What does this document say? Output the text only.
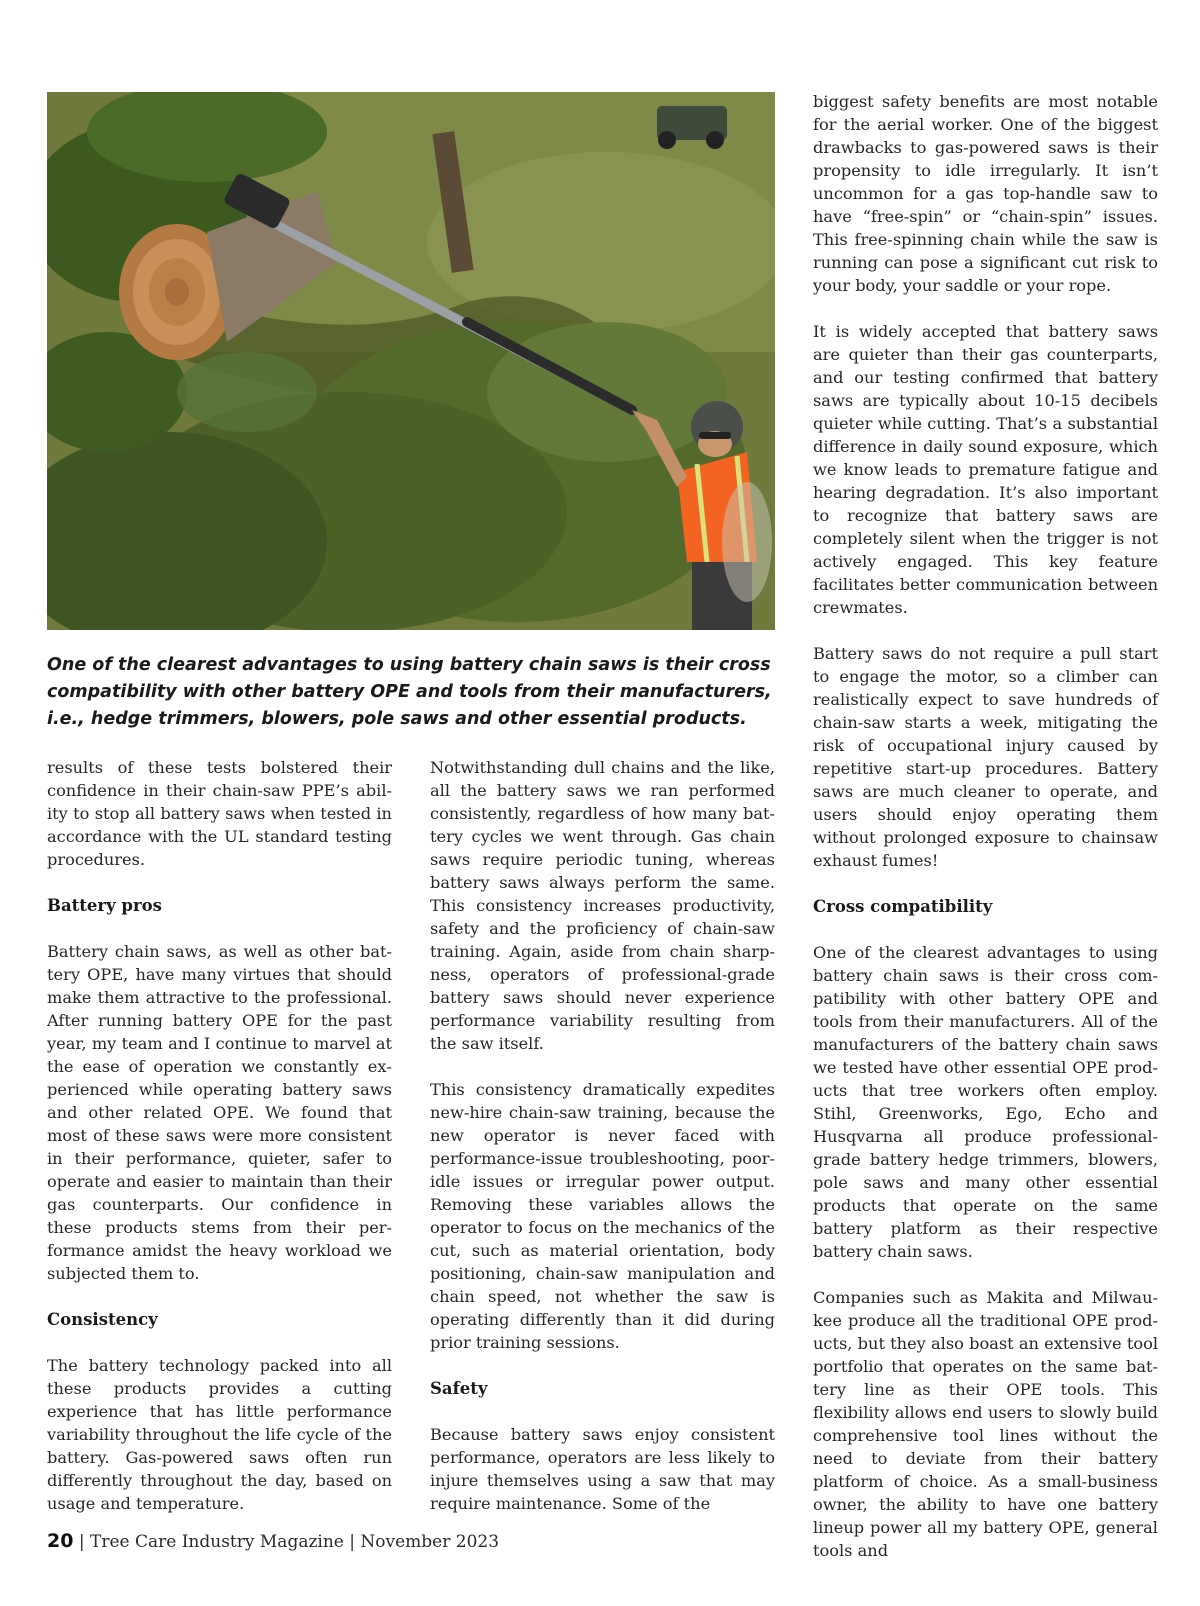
One of the clearest advantages to using battery chain saws is their cross compatibility with other battery OPE and tools from their manufacturers, i.e., hedge trimmers, blowers, pole saws and other essential products.

results of these tests bolstered their confidence in their chain-saw PPE’s ability to stop all battery saws when tested in accordance with the UL standard testing procedures.

Battery pros

Battery chain saws, as well as other battery OPE, have many virtues that should make them attractive to the professional. After running battery OPE for the past year, my team and I continue to marvel at the ease of operation we constantly experienced while operating battery saws and other related OPE. We found that most of these saws were more consistent in their performance, quieter, safer to operate and easier to maintain than their gas counterparts. Our confidence in these products stems from their performance amidst the heavy workload we subjected them to.

Consistency

The battery technology packed into all these products provides a cutting experience that has little performance variability throughout the life cycle of the battery. Gas-powered saws often run differently throughout the day, based on usage and temperature.

Notwithstanding dull chains and the like, all the battery saws we ran performed consistently, regardless of how many battery cycles we went through. Gas chain saws require periodic tuning, whereas battery saws always perform the same. This consistency increases productivity, safety and the proficiency of chain-saw training. Again, aside from chain sharpness, operators of professional-grade battery saws should never experience performance variability resulting from the saw itself.

This consistency dramatically expedites new-hire chain-saw training, because the new operator is never faced with performance-issue troubleshooting, poor-idle issues or irregular power output. Removing these variables allows the operator to focus on the mechanics of the cut, such as material orientation, body positioning, chain-saw manipulation and chain speed, not whether the saw is operating differently than it did during prior training sessions.

Safety

Because battery saws enjoy consistent performance, operators are less likely to injure themselves using a saw that may require maintenance. Some of the

biggest safety benefits are most notable for the aerial worker. One of the biggest drawbacks to gas-powered saws is their propensity to idle irregularly. It isn’t uncommon for a gas top-handle saw to have “free-spin” or “chain-spin” issues. This free-spinning chain while the saw is running can pose a significant cut risk to your body, your saddle or your rope.

It is widely accepted that battery saws are quieter than their gas counterparts, and our testing confirmed that battery saws are typically about 10-15 decibels quieter while cutting. That’s a substantial difference in daily sound exposure, which we know leads to premature fatigue and hearing degradation. It’s also important to recognize that battery saws are completely silent when the trigger is not actively engaged. This key feature facilitates better communication between crewmates.

Battery saws do not require a pull start to engage the motor, so a climber can realistically expect to save hundreds of chain-saw starts a week, mitigating the risk of occupational injury caused by repetitive start-up procedures. Battery saws are much cleaner to operate, and users should enjoy operating them without prolonged exposure to chainsaw exhaust fumes!

Cross compatibility

One of the clearest advantages to using battery chain saws is their cross compatibility with other battery OPE and tools from their manufacturers. All of the manufacturers of the battery chain saws we tested have other essential OPE products that tree workers often employ. Stihl, Greenworks, Ego, Echo and Husqvarna all produce professional-grade battery hedge trimmers, blowers, pole saws and many other essential products that operate on the same battery platform as their respective battery chain saws.

Companies such as Makita and Milwaukee produce all the traditional OPE products, but they also boast an extensive tool portfolio that operates on the same battery line as their OPE tools. This flexibility allows end users to slowly build comprehensive tool lines without the need to deviate from their battery platform of choice. As a small-business owner, the ability to have one battery lineup power all my battery OPE, general tools and

20 | Tree Care Industry Magazine | November 2023
